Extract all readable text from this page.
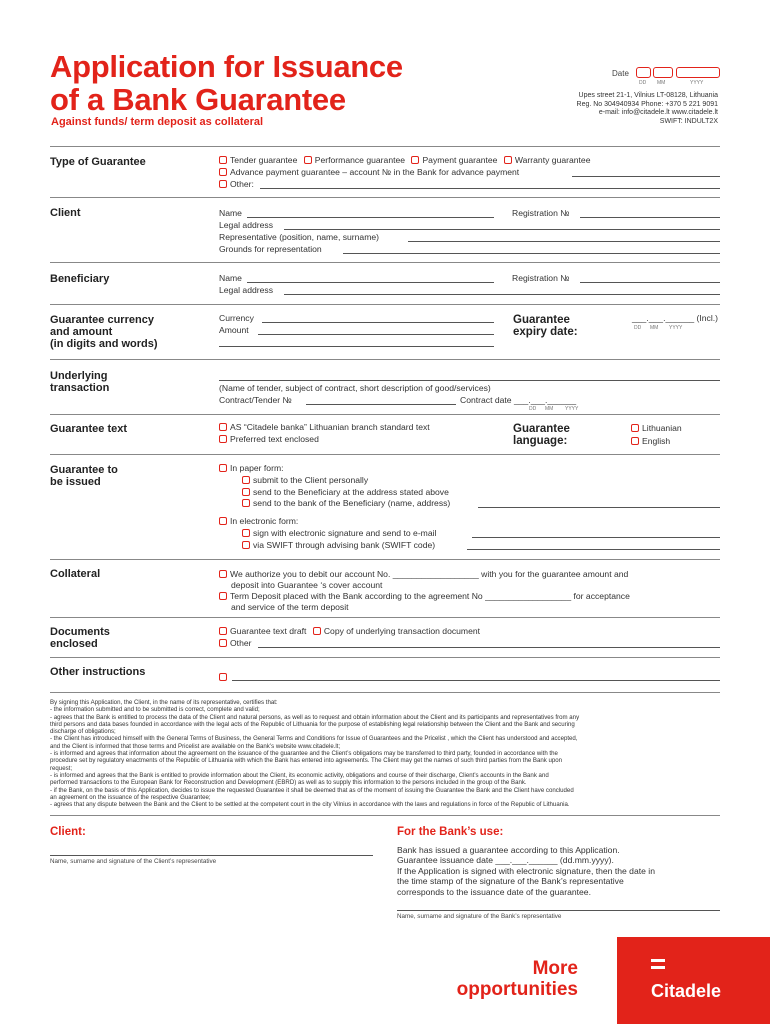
Application for Issuance
of a Bank Guarantee
Against funds/ term deposit as collateral
Date
DD MM	YYYY
Upes street 21-1, Vilnius LT-08128, Lithuania
Reg. No 304940934 Phone: +370 5 221 9091
e-mail: info@citadele.lt www.citadele.lt
SWIFT: INDULT2X
Type of Guarantee	Tender guarantee Performance guarantee Payment guarantee Warranty guarantee
Advance payment guarantee – account № in the Bank for advance payment
Other:
Client	Name	Registration №
Legal address
Representative (position, name, surname)
Grounds for representation
Beneficiary	Name	Registration №
Legal address
Guarantee currency
and amount
(in digits and words)
Currency
Amount
Guarantee
expiry date:
___.___.______ (Incl.)
DD MM YYYY
Underlying
transaction	(Name of tender, subject of contract, short description of good/services)
Contract/Tender №	Contract date ___.___.______
DD MM YYYY
Guarantee text	AS “Citadele banka” Lithuanian branch standard text
Preferred text enclosed
Guarantee
language:
Lithuanian
English
Guarantee to
be issued
In paper form:
submit to the Client personally
send to the Beneficiary at the address stated above
send to the bank of the Beneficiary (name, address)
In electronic form:
sign with electronic signature and send to e-mail
via SWIFT through advising bank (SWIFT code)
Collateral	We authorize you to debit our account No. __________________ with you for the guarantee amount and
deposit into Guarantee ‘s cover account
Term Deposit placed with the Bank according to the agreement No __________________ for acceptance
and service of the term deposit
Documents
enclosed
Guarantee text draft Copy of underlying transaction document
Other
Other instructions
By signing this Application, the Client, in the name of its representative, certifies that:
- the information submitted and to be submitted is correct, complete and valid;
- agrees that the Bank is entitled to process the data of the Client and natural persons, as well as to request and obtain information about the Client and its participants and representatives from any
third persons and data bases founded in accordance with the legal acts of the Republic of Lithuania for the purpose of establishing legal relationship between the Client and the Bank and securing
discharge of obligations;
- the Client has introduced himself with the General Terms of Business, the General Terms and Conditions for Issue of Guarantees and the Pricelist , which the Client has understood and accepted,
and the Client is informed that those terms and Pricelist are available on the Bank’s website www.citadele.lt;
- is informed and agrees that information about the agreement on the issuance of the guarantee and the Client’s obligations may be transferred to third party, founded in accordance with the
procedure set by regulatory enactments of the Republic of Lithuania with which the Bank has entered into agreements. The Client may get the names of such third parties from the Bank upon
request;
- is informed and agrees that the Bank is entitled to provide information about the Client, its economic activity, obligations and course of their discharge, Client’s accounts in the Bank and
performed transactions to the European Bank for Reconstruction and Development (EBRD) as well as to supply this information to the persons included in the group of the Bank.
- if the Bank, on the basis of this Application, decides to issue the requested Guarantee it shall be deemed that as of the moment of issuing the Guarantee the Bank and the Client have concluded
an agreement on the issuance of the respective Guarantee;
- agrees that any dispute between the Bank and the Client to be settled at the competent court in the city Vilnius in accordance with the laws and regulations in force of the Republic of Lithuania.
Client:
Name, surname and signature of the Client’s representative
For the Bank’s use:
Bank has issued a guarantee according to this Application.
Guarantee issuance date ___.___.______ (dd.mm.yyyy).
If the Application is signed with electronic signature, then the date in
the time stamp of the signature of the Bank’s representative
corresponds to the issuance date of the guarantee.
Name, surname and signature of the Bank’s representative
More
opportunities	Citadele
